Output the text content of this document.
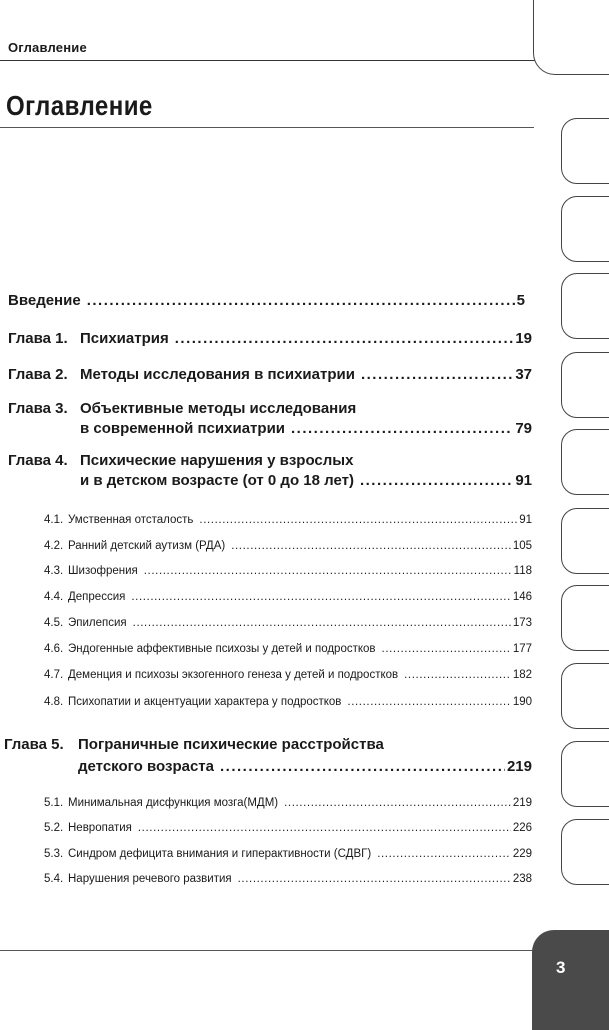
Оглавление
Оглавление
Введение .....	5
Глава 1. Психиатрия .....	19
Глава 2. Методы исследования в психиатрии .....	37
Глава 3. Объективные методы исследования
в современной психиатрии .....	79
Глава 4. Психические нарушения у взрослых
и в детском возрасте (от 0 до 18 лет) .....	91
4.1. Умственная отсталость .....	91
4.2. Ранний детский аутизм (РДА) .....	105
4.3. Шизофрения .....	118
4.4. Депрессия .....	146
4.5. Эпилепсия .....	173
4.6. Эндогенные аффективные психозы у детей и подростков .....	177
4.7. Деменция и психозы экзогенного генеза у детей и подростков .....	182
4.8. Психопатии и акцентуации характера у подростков .....	190
Глава 5. Пограничные психические расстройства
детского возраста .....	219
5.1. Минимальная дисфункция мозга(МДМ) .....	219
5.2. Невропатия .....	226
5.3. Синдром дефицита внимания и гиперактивности (СДВГ) .....	229
5.4. Нарушения речевого развития .....	238
3
